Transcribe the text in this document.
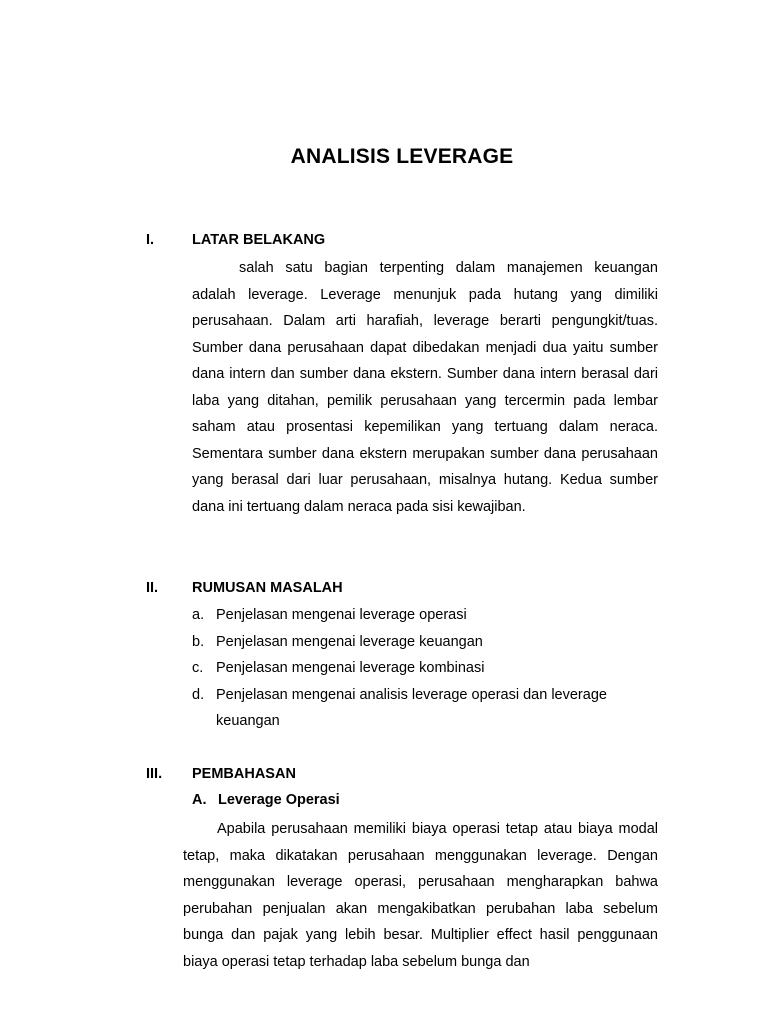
ANALISIS LEVERAGE
I.	LATAR BELAKANG

salah satu bagian terpenting dalam manajemen keuangan adalah leverage. Leverage menunjuk pada hutang yang dimiliki perusahaan. Dalam arti harafiah, leverage berarti pengungkit/tuas. Sumber dana perusahaan dapat dibedakan menjadi dua yaitu sumber dana intern dan sumber dana ekstern. Sumber dana intern berasal dari laba yang ditahan, pemilik perusahaan yang tercermin pada lembar saham atau prosentasi kepemilikan yang tertuang dalam neraca. Sementara sumber dana ekstern merupakan sumber dana perusahaan yang berasal dari luar perusahaan, misalnya hutang. Kedua sumber dana ini tertuang dalam neraca pada sisi kewajiban.

II. RUMUSAN MASALAH
a. Penjelasan mengenai leverage operasi
b. Penjelasan mengenai leverage keuangan
c. Penjelasan mengenai leverage kombinasi
d. Penjelasan mengenai analisis leverage operasi dan leverage keuangan
III. PEMBAHASAN
A. Leverage Operasi

Apabila perusahaan memiliki biaya operasi tetap atau biaya modal tetap, maka dikatakan perusahaan menggunakan leverage. Dengan menggunakan leverage operasi, perusahaan mengharapkan bahwa perubahan penjualan akan mengakibatkan perubahan laba sebelum bunga dan pajak yang lebih besar. Multiplier effect hasil penggunaan biaya operasi tetap terhadap laba sebelum bunga dan
